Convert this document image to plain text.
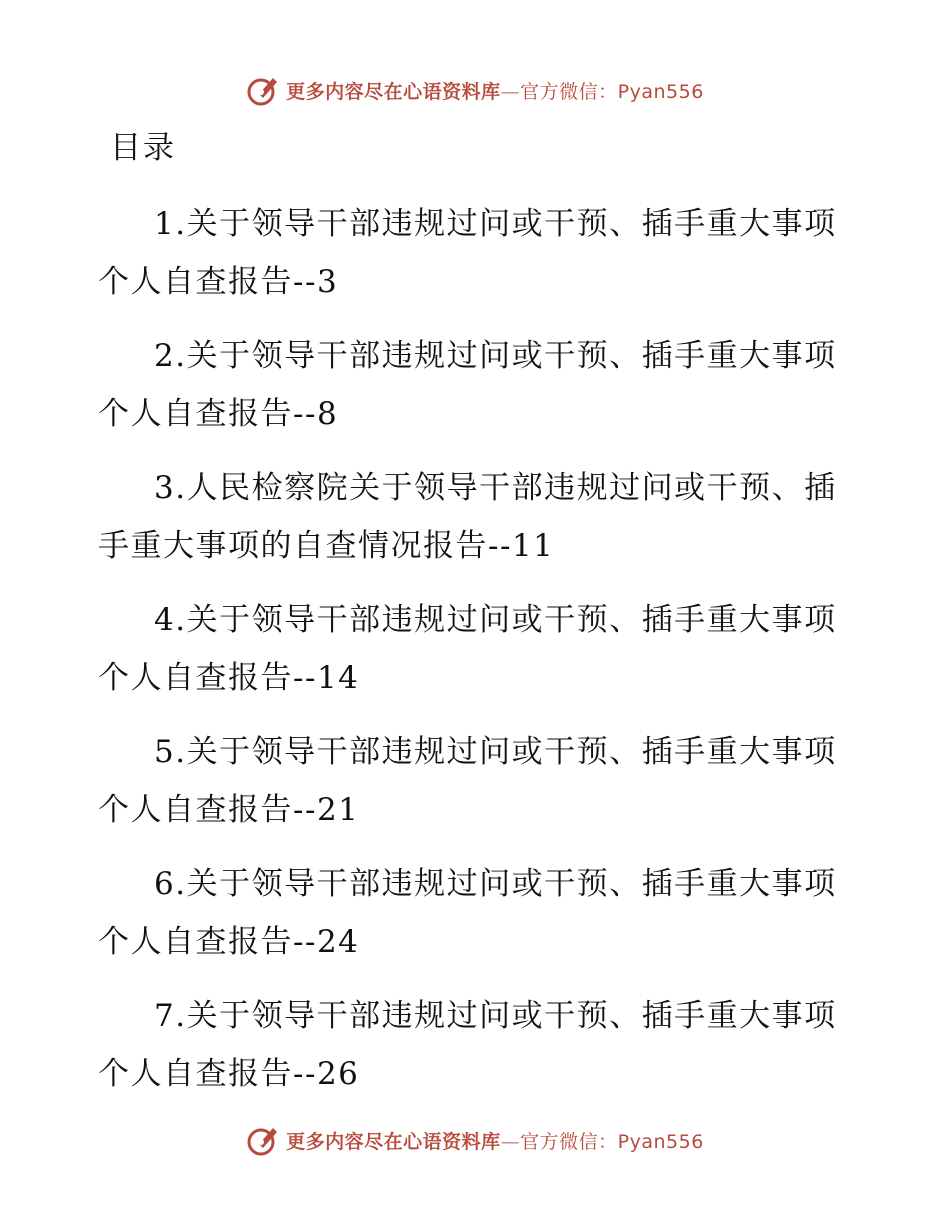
更多内容尽在心语资料库—官方微信：Pyan556
目录
1.关于领导干部违规过问或干预、插手重大事项个人自查报告--3
2.关于领导干部违规过问或干预、插手重大事项个人自查报告--8
3.人民检察院关于领导干部违规过问或干预、插手重大事项的自查情况报告--11
4.关于领导干部违规过问或干预、插手重大事项个人自查报告--14
5.关于领导干部违规过问或干预、插手重大事项个人自查报告--21
6.关于领导干部违规过问或干预、插手重大事项个人自查报告--24
7.关于领导干部违规过问或干预、插手重大事项个人自查报告--26
更多内容尽在心语资料库—官方微信：Pyan556
